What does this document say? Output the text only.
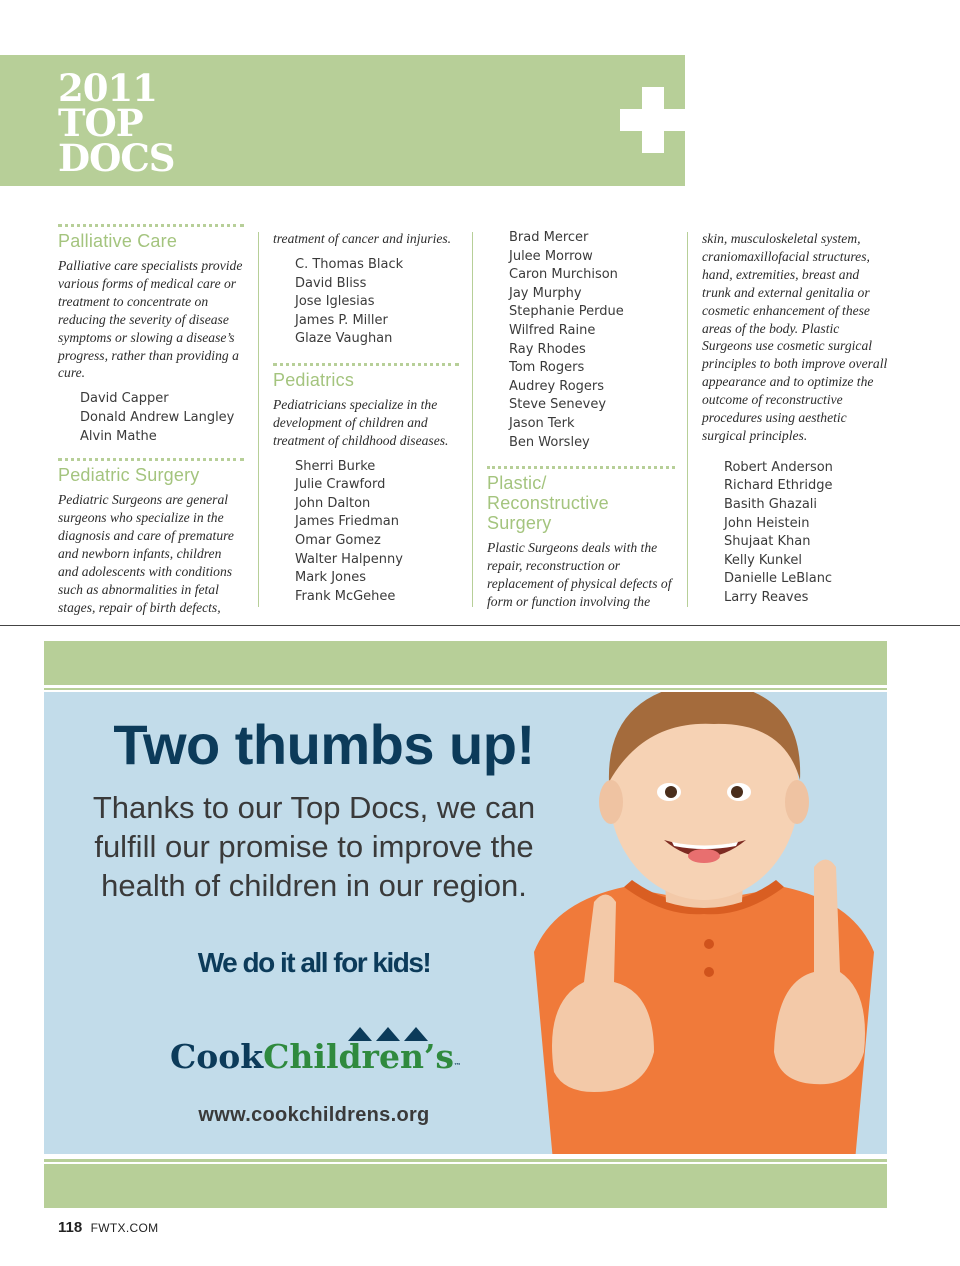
2011
TOP
DOCS
Palliative Care

Palliative care specialists provide various forms of medical care or treatment to concentrate on reducing the severity of disease symptoms or slowing a disease’s progress, rather than providing a cure.

David Capper
Donald Andrew Langley
Alvin Mathe
Pediatric Surgery

Pediatric Surgeons are general surgeons who specialize in the diagnosis and care of premature and newborn infants, children and adolescents with conditions such as abnormalities in fetal stages, repair of birth defects,

treatment of cancer and injuries.

C. Thomas Black
David Bliss
Jose Iglesias
James P. Miller
Glaze Vaughan
Pediatrics

Pediatricians specialize in the development of children and treatment of childhood diseases.

Sherri Burke
Julie Crawford
John Dalton
James Friedman
Omar Gomez
Walter Halpenny
Mark Jones
Frank McGehee
Brad Mercer
Julee Morrow
Caron Murchison
Jay Murphy
Stephanie Perdue
Wilfred Raine
Ray Rhodes
Tom Rogers
Audrey Rogers
Steve Senevey
Jason Terk
Ben Worsley
Plastic/
Reconstructive
Surgery

Plastic Surgeons deals with the repair, reconstruction or replacement of physical defects of form or function involving the

skin, musculoskeletal system, craniomaxillofacial structures, hand, extremities, breast and trunk and external genitalia or cosmetic enhancement of these areas of the body. Plastic Surgeons use cosmetic surgical principles to both improve overall appearance and to optimize the outcome of reconstructive procedures using aesthetic surgical principles.

Robert Anderson
Richard Ethridge
Basith Ghazali
John Heistein
Shujaat Khan
Kelly Kunkel
Danielle LeBlanc
Larry Reaves
Two thumbs up!
Thanks to our Top Docs, we can fulfill our promise to improve the health of children in our region.
We do it all for kids!
CookChildren’s™
www.cookchildrens.org
118 FWTX.COM
